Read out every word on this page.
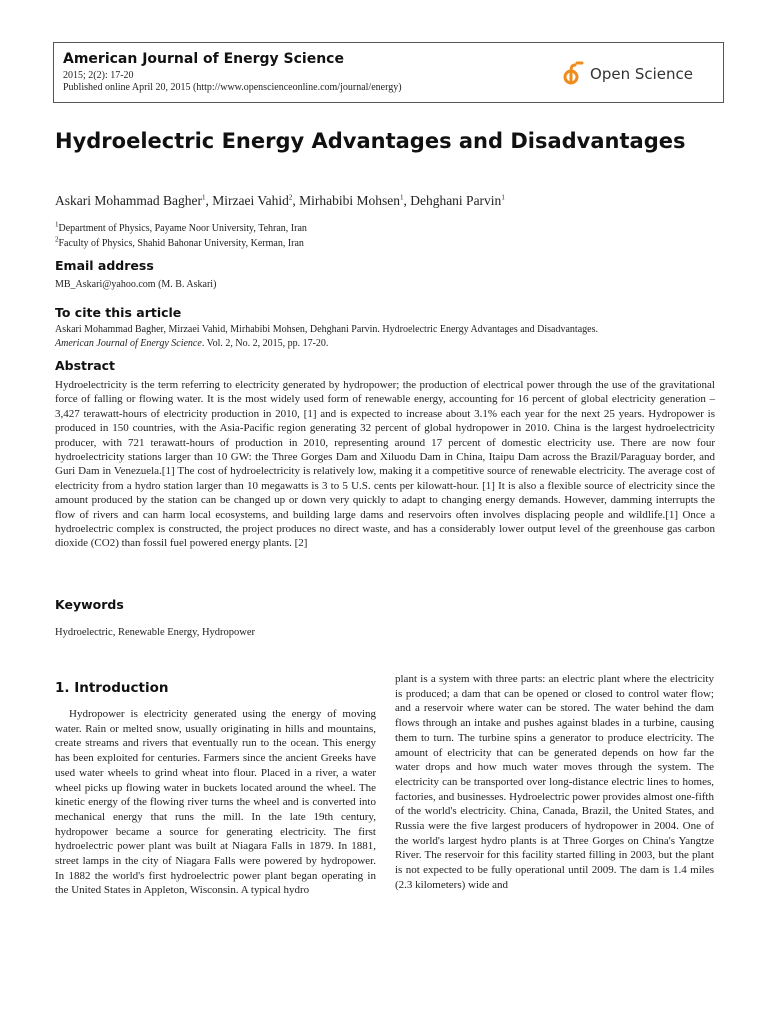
American Journal of Energy Science
2015; 2(2): 17-20
Published online April 20, 2015 (http://www.openscienceonline.com/journal/energy)
Open Science
Hydroelectric Energy Advantages and Disadvantages
Askari Mohammad Bagher$^1$, Mirzaei Vahid$^2$, Mirhabibi Mohsen$^1$, Dehghani Parvin$^1$
$^1$Department of Physics, Payame Noor University, Tehran, Iran
$^2$Faculty of Physics, Shahid Bahonar University, Kerman, Iran
Email address
MB_Askari@yahoo.com (M. B. Askari)
To cite this article
Askari Mohammad Bagher, Mirzaei Vahid, Mirhabibi Mohsen, Dehghani Parvin. Hydroelectric Energy Advantages and Disadvantages.
American Journal of Energy Science. Vol. 2, No. 2, 2015, pp. 17-20.
Abstract
Hydroelectricity is the term referring to electricity generated by hydropower; the production of electrical power through the use of the gravitational force of falling or flowing water. It is the most widely used form of renewable energy, accounting for 16 percent of global electricity generation – 3,427 terawatt-hours of electricity production in 2010, [1] and is expected to increase about 3.1% each year for the next 25 years. Hydropower is produced in 150 countries, with the Asia-Pacific region generating 32 percent of global hydropower in 2010. China is the largest hydroelectricity producer, with 721 terawatt-hours of production in 2010, representing around 17 percent of domestic electricity use. There are now four hydroelectricity stations larger than 10 GW: the Three Gorges Dam and Xiluodu Dam in China, Itaipu Dam across the Brazil/Paraguay border, and Guri Dam in Venezuela.[1] The cost of hydroelectricity is relatively low, making it a competitive source of renewable electricity. The average cost of electricity from a hydro station larger than 10 megawatts is 3 to 5 U.S. cents per kilowatt-hour. [1] It is also a flexible source of electricity since the amount produced by the station can be changed up or down very quickly to adapt to changing energy demands. However, damming interrupts the flow of rivers and can harm local ecosystems, and building large dams and reservoirs often involves displacing people and wildlife.[1] Once a hydroelectric complex is constructed, the project produces no direct waste, and has a considerably lower output level of the greenhouse gas carbon dioxide (CO2) than fossil fuel powered energy plants. [2]
Keywords
Hydroelectric, Renewable Energy, Hydropower
1. Introduction
Hydropower is electricity generated using the energy of moving water. Rain or melted snow, usually originating in hills and mountains, create streams and rivers that eventually run to the ocean. This energy has been exploited for centuries. Farmers since the ancient Greeks have used water wheels to grind wheat into flour. Placed in a river, a water wheel picks up flowing water in buckets located around the wheel. The kinetic energy of the flowing river turns the wheel and is converted into mechanical energy that runs the mill. In the late 19th century, hydropower became a source for generating electricity. The first hydroelectric power plant was built at Niagara Falls in 1879. In 1881, street lamps in the city of Niagara Falls were powered by hydropower. In 1882 the world's first hydroelectric power plant began operating in the United States in Appleton, Wisconsin. A typical hydro
plant is a system with three parts: an electric plant where the electricity is produced; a dam that can be opened or closed to control water flow; and a reservoir where water can be stored. The water behind the dam flows through an intake and pushes against blades in a turbine, causing them to turn. The turbine spins a generator to produce electricity. The amount of electricity that can be generated depends on how far the water drops and how much water moves through the system. The electricity can be transported over long-distance electric lines to homes, factories, and businesses. Hydroelectric power provides almost one-fifth of the world's electricity. China, Canada, Brazil, the United States, and Russia were the five largest producers of hydropower in 2004. One of the world's largest hydro plants is at Three Gorges on China's Yangtze River. The reservoir for this facility started filling in 2003, but the plant is not expected to be fully operational until 2009. The dam is 1.4 miles (2.3 kilometers) wide and
